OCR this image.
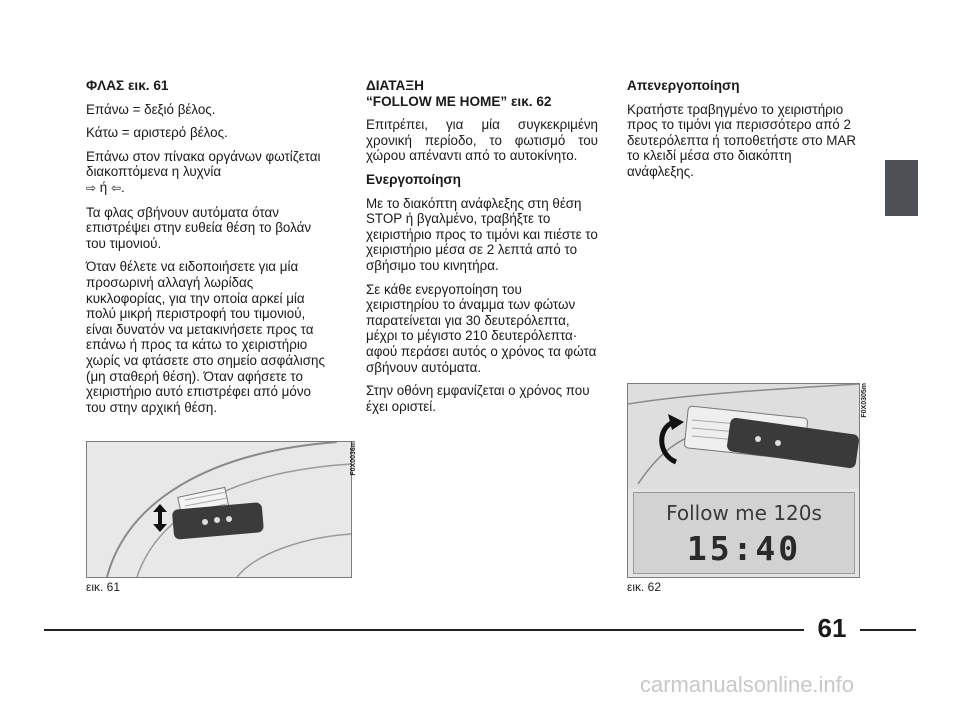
ΦΛΑΣ εικ. 61

Επάνω = δεξιό βέλος.

Κάτω = αριστερό βέλος.

Επάνω στον πίνακα οργάνων φωτίζεται διακοπτόμενα η λυχνία
⇨ ή ⇦.

Τα φλας σβήνουν αυτόματα όταν επιστρέψει στην ευθεία θέση το βολάν του τιμονιού.

Όταν θέλετε να ειδοποιήσετε για μία προσωρινή αλλαγή λωρίδας κυκλοφορίας, για την οποία αρκεί μία πολύ μικρή περιστροφή του τιμονιού, είναι δυνατόν να μετακινήσετε προς τα επάνω ή προς τα κάτω το χειριστήριο χωρίς να φτάσετε στο σημείο ασφάλισης (μη σταθερή θέση). Όταν αφήσετε το χειριστήριο αυτό επιστρέφει από μόνο του στην αρχική θέση.

ΔΙΑΤΑΞΗ
“FOLLOW ME HOME” εικ. 62

Επιτρέπει, για μία συγκεκριμένη χρονική περίοδο, το φωτισμό του χώρου απέναντι από το αυτοκίνητο.

Ενεργοποίηση

Με το διακόπτη ανάφλεξης στη θέση STOP ή βγαλμένο, τραβήξτε το χειριστήριο προς το τιμόνι και πιέστε το χειριστήριο μέσα σε 2 λεπτά από το σβήσιμο του κινητήρα.

Σε κάθε ενεργοποίηση του χειριστηρίου το άναμμα των φώτων παρατείνεται για 30 δευτερόλεπτα, μέχρι το μέγιστο 210 δευτερόλεπτα· αφού περάσει αυτός ο χρόνος τα φώτα σβήνουν αυτόματα.

Στην οθόνη εμφανίζεται ο χρόνος που έχει οριστεί.

Απενεργοποίηση

Κρατήστε τραβηγμένο το χειριστήριο προς το τιμόνι για περισσότερο από 2 δευτερόλεπτα ή τοποθετήστε στο MAR το κλειδί μέσα στο διακόπτη ανάφλεξης.

F0X0036m
εικ. 61
Follow me 120s
15:40
F0X0305m
εικ. 62
61
carmanualsonline.info
